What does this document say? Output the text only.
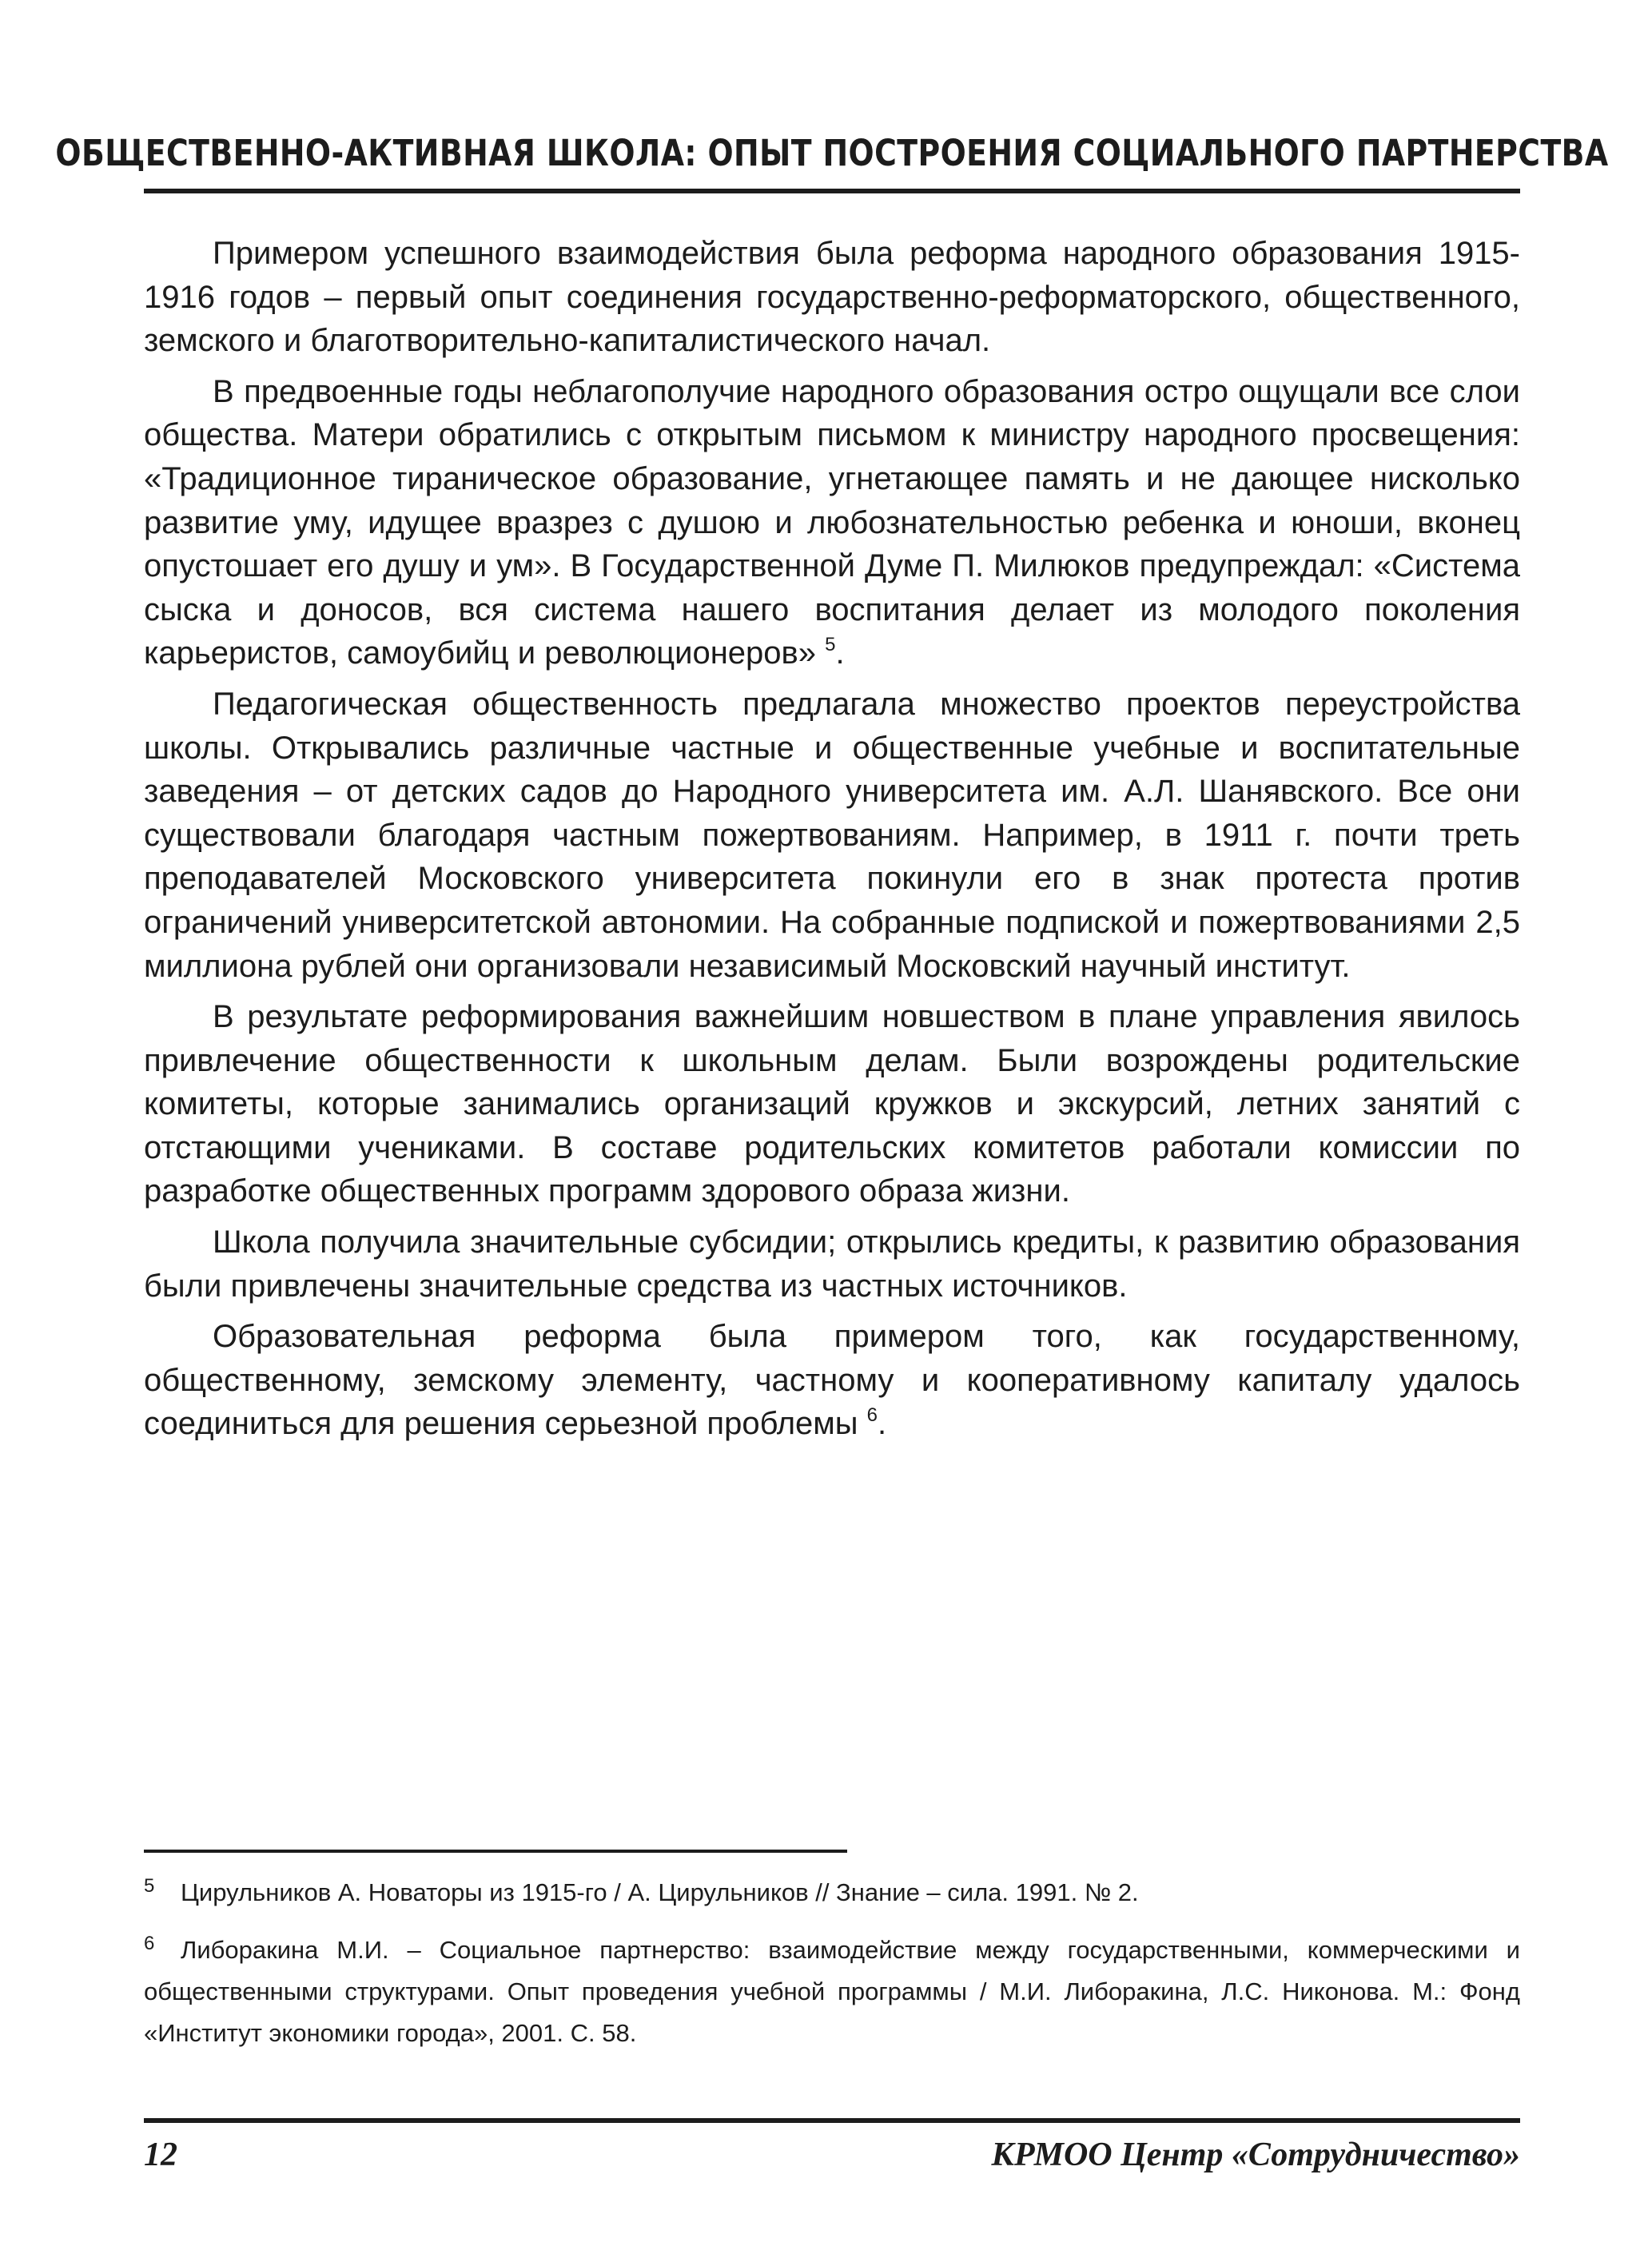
ОБЩЕСТВЕННО-АКТИВНАЯ ШКОЛА: ОПЫТ ПОСТРОЕНИЯ СОЦИАЛЬНОГО ПАРТНЕРСТВА

Примером успешного взаимодействия была реформа народного образования 1915-1916 годов – первый опыт соединения государственно-реформаторского, общественного, земского и благотворительно-капиталистического начал.

В предвоенные годы неблагополучие народного образования остро ощущали все слои общества. Матери обратились с открытым письмом к министру народного просвещения: «Традиционное тираническое образование, угнетающее память и не дающее нисколько развитие уму, идущее вразрез с душою и любознательностью ребенка и юноши, вконец опустошает его душу и ум». В Государственной Думе П. Милюков предупреждал: «Система сыска и доносов, вся система нашего воспитания делает из молодого поколения карьеристов, самоубийц и революционеров» $^5$.

Педагогическая общественность предлагала множество проектов переустройства школы. Открывались различные частные и общественные учебные и воспитательные заведения – от детских садов до Народного университета им. А.Л. Шанявского. Все они существовали благодаря частным пожертвованиям. Например, в 1911 г. почти треть преподавателей Московского университета покинули его в знак протеста против ограничений университетской автономии. На собранные подпиской и пожертвованиями 2,5 миллиона рублей они организовали независимый Московский научный институт.

В результате реформирования важнейшим новшеством в плане управления явилось привлечение общественности к школьным делам. Были возрождены родительские комитеты, которые занимались организаций кружков и экскурсий, летних занятий с отстающими учениками. В составе родительских комитетов работали комиссии по разработке общественных программ здорового образа жизни.

Школа получила значительные субсидии; открылись кредиты, к развитию образования были привлечены значительные средства из частных источников.

Образовательная реформа была примером того, как государственному, общественному, земскому элементу, частному и кооперативному капиталу удалось соединиться для решения серьезной проблемы $^6$.

5 Цирульников А. Новаторы из 1915-го / А. Цирульников // Знание – сила. 1991. № 2.
6 Либоракина М.И. – Социальное партнерство: взаимодействие между государственными, коммерческими и общественными структурами. Опыт проведения учебной программы / М.И. Либоракина, Л.С. Никонова. М.: Фонд «Институт экономики города», 2001. С. 58.
12	КРМОО Центр «Сотрудничество»
